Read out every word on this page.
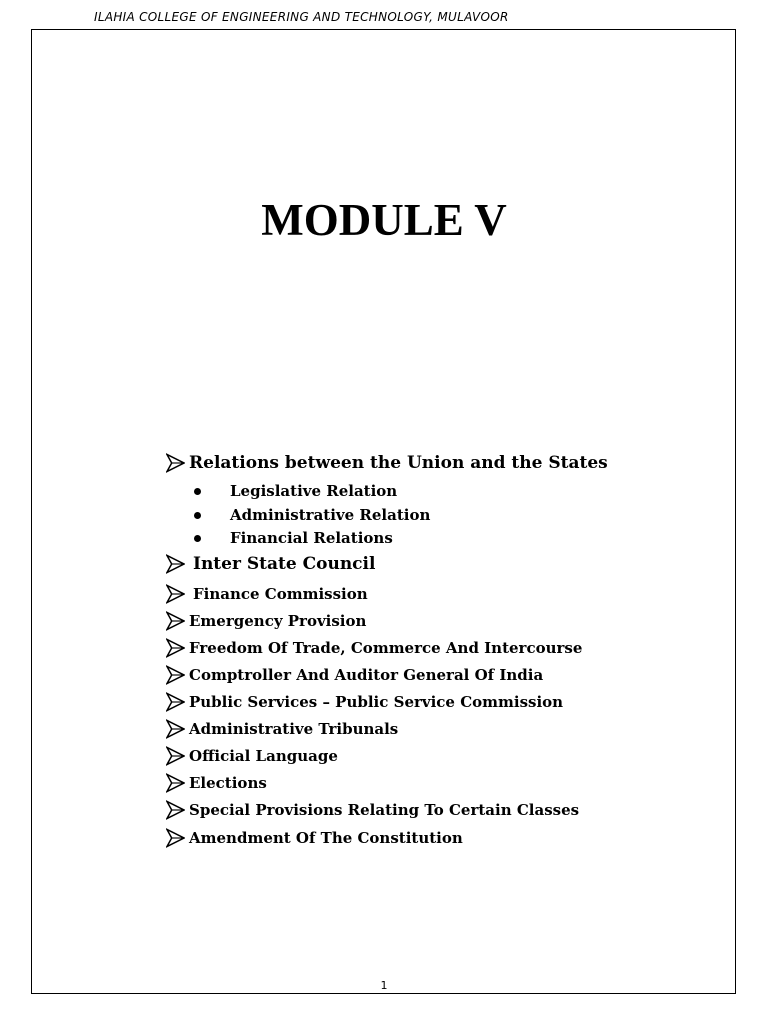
ILAHIA COLLEGE OF ENGINEERING AND TECHNOLOGY, MULAVOOR
MODULE V
Relations between the Union and the States
Legislative Relation
Administrative Relation
Financial Relations
Inter State Council
Finance Commission
Emergency Provision
Freedom Of Trade, Commerce And Intercourse
Comptroller And Auditor General Of India
Public Services – Public Service Commission
Administrative Tribunals
Official Language
Elections
Special Provisions Relating To Certain Classes
Amendment Of The Constitution
1
